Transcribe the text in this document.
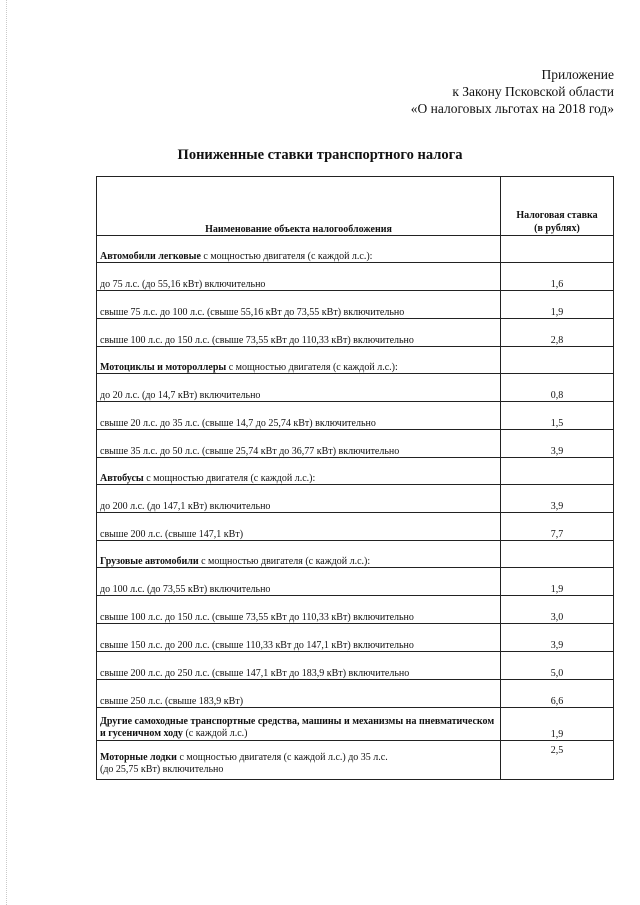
Приложение
к Закону Псковской области
«О налоговых льготах на 2018 год»
Пониженные ставки транспортного налога
Наименование объекта налогообложения	Налоговая ставка
(в рублях)

Автомобили легковые с мощностью двигателя (с каждой л.с.):	
до 75 л.с. (до 55,16 кВт) включительно	1,6
свыше 75 л.с. до 100 л.с. (свыше 55,16 кВт до 73,55 кВт) включительно	1,9
свыше 100 л.с. до 150 л.с. (свыше 73,55 кВт до 110,33 кВт) включительно	2,8
Мотоциклы и мотороллеры с мощностью двигателя (с каждой л.с.):	
до 20 л.с. (до 14,7 кВт) включительно	0,8
свыше 20 л.с. до 35 л.с. (свыше 14,7 до 25,74 кВт) включительно	1,5
свыше 35 л.с. до 50 л.с. (свыше 25,74 кВт до 36,77 кВт) включительно	3,9
Автобусы с мощностью двигателя (с каждой л.с.):	
до 200 л.с. (до 147,1 кВт) включительно	3,9
свыше 200 л.с. (свыше 147,1 кВт)	7,7
Грузовые автомобили с мощностью двигателя (с каждой л.с.):	
до 100 л.с. (до 73,55 кВт) включительно	1,9
свыше 100 л.с. до 150 л.с. (свыше 73,55 кВт до 110,33 кВт) включительно	3,0
свыше 150 л.с. до 200 л.с. (свыше 110,33 кВт до 147,1 кВт) включительно	3,9
свыше 200 л.с. до 250 л.с. (свыше 147,1 кВт до 183,9 кВт) включительно	5,0
свыше 250 л.с. (свыше 183,9 кВт)	6,6
Другие самоходные транспортные средства, машины и механизмы на пневматическом и гусеничном ходу (с каждой л.с.)	1,9
Моторные лодки с мощностью двигателя (с каждой л.с.) до 35 л.с.
(до 25,75 кВт) включительно	2,5
